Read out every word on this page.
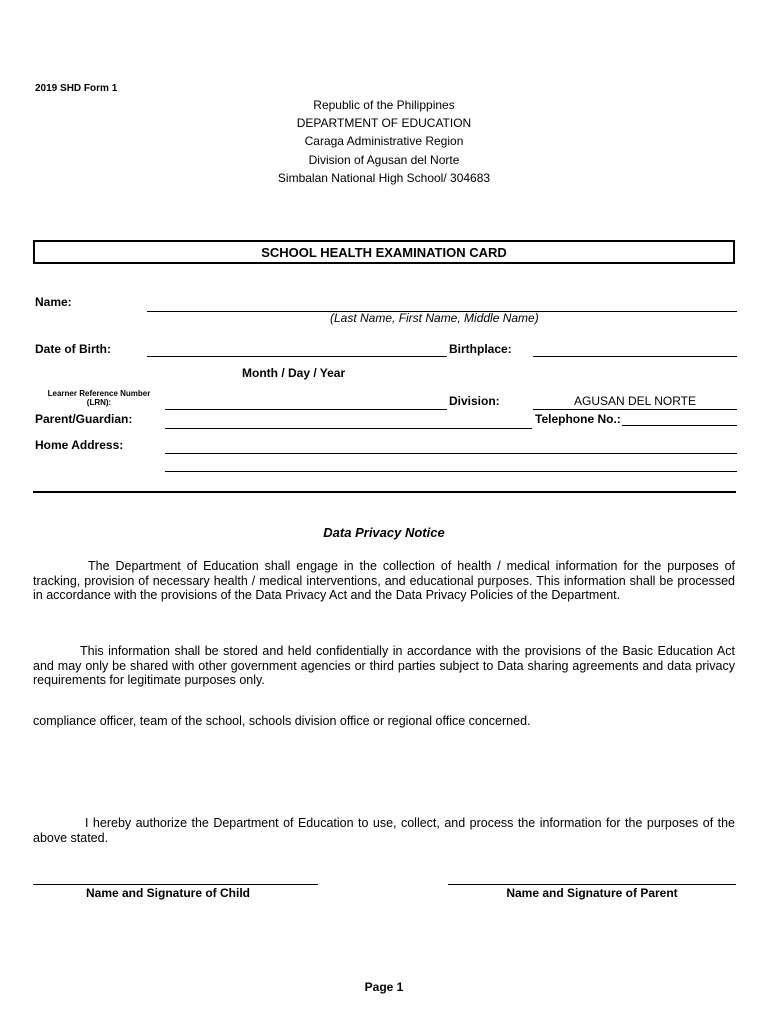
2019 SHD Form 1
Republic of the Philippines
DEPARTMENT OF EDUCATION
Caraga Administrative Region
Division of Agusan del Norte
Simbalan National High School/ 304683
SCHOOL HEALTH EXAMINATION CARD
Name:
(Last Name, First Name, Middle Name)
Date of Birth:	Birthplace:
Month / Day / Year
Learner Reference Number (LRN):	Division:	AGUSAN DEL NORTE
Parent/Guardian:	Telephone No.:
Home Address:
Data Privacy Notice
The Department of Education shall engage in the collection of health / medical information for the purposes of tracking, provision of necessary health / medical interventions, and educational purposes. This information shall be processed in accordance with the provisions of the Data Privacy Act and the Data Privacy Policies of the Department.
This information shall be stored and held confidentially in accordance with the provisions of the Basic Education Act and may only be shared with other government agencies or third parties subject to Data sharing agreements and data privacy requirements for legitimate purposes only.
compliance officer, team of the school, schools division office or regional office concerned.
I hereby authorize the Department of Education to use, collect, and process the information for the purposes of the above stated.
Name and Signature of Child	Name and Signature of Parent
Page 1
